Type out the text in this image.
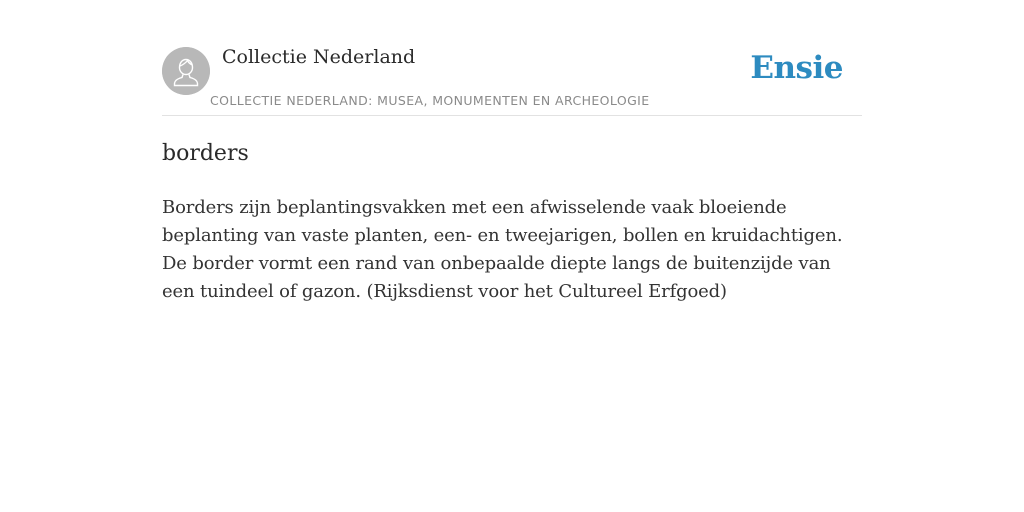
Collectie Nederland
COLLECTIE NEDERLAND: MUSEA, MONUMENTEN EN ARCHEOLOGIE
Ensie
borders

Borders zijn beplantingsvakken met een afwisselende vaak bloeiende beplanting van vaste planten, een- en tweejarigen, bollen en kruidachtigen. De border vormt een rand van onbepaalde diepte langs de buitenzijde van een tuindeel of gazon. (Rijksdienst voor het Cultureel Erfgoed)
